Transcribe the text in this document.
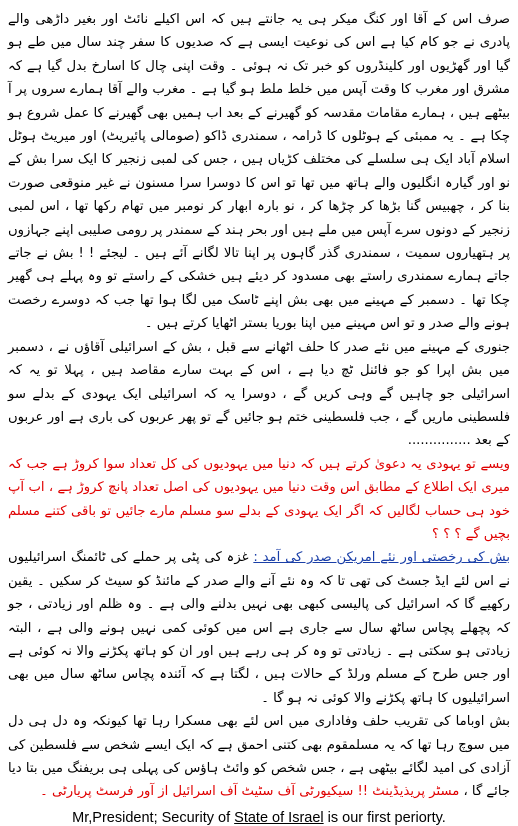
صرف اس کے آقا اور کنگ میکر ہی یہ جانتے ہیں کہ اس اکیلے نائٹ اور بغیر داڑھی والے پادری نے جو کام کیا ہے اس کی نوعیت ایسی ہے کہ صدیوں کا سفر چند سال میں طے ہو گیا اور گھڑیوں اور کلینڈروں کو خبر تک نہ ہوئی ۔ وقت اپنی چال کا اسارخ بدل گیا ہے کہ مشرق اور مغرب کا وقت آپس میں خلط ملط ہو گیا ہے ۔ مغرب والے آقا ہمارے سروں پر آ بیٹھے ہیں ، ہمارے مقامات مقدسہ کو گھیرنے کے بعد اب ہمیں بھی گھیرنے کا عمل شروع ہو چکا ہے ۔ یہ ممبئی کے ہوٹلوں کا ڈرامہ ، سمندری ڈاکو (صومالی پائیریٹ) اور میریٹ ہوٹل اسلام آباد ایک ہی سلسلے کی مختلف کڑیاں ہیں ، جس کی لمبی زنجیر کا ایک سرا بش کے نو اور گیارہ انگلیوں والے ہاتھ میں تھا تو اس کا دوسرا سرا مسنون نے غیر منوقعی صورت بنا کر ، چھبیس گنا بڑھا کر چڑھا کر ، نو بارہ ابھار کر نومبر میں تھام رکھا تھا ، اس لمبی زنجیر کے دونوں سرے آپس میں ملے ہیں اور بحر ہند کے سمندر پر رومی صلیبی اپنے جہازوں پر ہتھیاروں سمیت ، سمندری گذر گاہوں پر اپنا تالا لگانے آئے ہیں ۔ لیجئے ! ! بش نے جاتے جاتے ہمارے سمندری راستے بھی مسدود کر دیئے ہیں خشکی کے راستے تو وہ پہلے ہی گھیر چکا تھا ۔ دسمبر کے مہینے میں بھی بش اپنے ٹاسک میں لگا ہوا تھا جب کہ دوسرے رخصت ہونے والے صدر و تو اس مہینے میں اپنا بوریا بستر اٹھایا کرتے ہیں ۔

جنوری کے مہینے میں نئے صدر کا حلف اٹھانے سے قبل ، بش کے اسرائیلی آقاؤں نے ، دسمبر میں بش اپرا کو جو فائنل ٹچ دیا ہے ، اس کے بہت سارے مقاصد ہیں ، پہلا تو یہ کہ اسرائیلی جو چاہیں گے وہی کریں گے ، دوسرا یہ کہ اسرائیلی ایک یہودی کے بدلے سو فلسطینی ماریں گے ، جب فلسطینی ختم ہو جائیں گے تو پھر عربوں کی باری ہے اور عربوں کے بعد ...............

ویسے تو یہودی یہ دعویٰ کرتے ہیں کہ دنیا میں یہودیوں کی کل تعداد سوا کروڑ ہے جب کہ میری ایک اطلاع کے مطابق اس وقت دنیا میں یہودیوں کی اصل تعداد پانچ کروڑ ہے ، اب آپ خود ہی حساب لگالیں کہ اگر ایک یہودی کے بدلے سو مسلم مارے جائیں تو باقی کتنے مسلم بچیں گے ؟ ؟ ؟

بش کی رخصتی اور نئے امریکن صدر کی آمد : غزہ کی پٹی پر حملے کی ٹائمنگ اسرائیلیوں نے اس لئے ایڈ جسٹ کی تھی تا کہ وہ نئے آنے والے صدر کے مائنڈ کو سیٹ کر سکیں ۔ یقین رکھیے گا کہ اسرائیل کی پالیسی کبھی بھی نہیں بدلنے والی ہے ۔ وہ ظلم اور زیادتی ، جو کہ پچھلے پچاس ساٹھ سال سے جاری ہے اس میں کوئی کمی نہیں ہونے والی ہے ، البتہ زیادتی ہو سکتی ہے ۔ زیادتی تو وہ کر ہی رہے ہیں اور ان کو ہاتھ پکڑنے والا نہ کوئی ہے اور جس طرح کے مسلم ورلڈ کے حالات ہیں ، لگتا ہے کہ آئندہ پچاس ساٹھ سال میں بھی اسرائیلیوں کا ہاتھ پکڑنے والا کوئی نہ ہو گا ۔

بش اوباما کی تقریب حلف وفاداری میں اس لئے بھی مسکرا رہا تھا کیونکہ وہ دل ہی دل میں سوچ رہا تھا کہ یہ مسلمقوم بھی کتنی احمق ہے کہ ایک ایسے شخص سے فلسطین کی آزادی کی امید لگائے بیٹھی ہے ، جس شخص کو وائٹ ہاؤس کی پہلی ہی بریفنگ میں بتا دیا جائے گا ، مسٹر پریذیڈینٹ !! سیکیورٹی آف سٹیٹ آف اسرائیل از آور فرسٹ پریارٹی ۔

Mr,President; Security of State of Israel is our first periorty.
